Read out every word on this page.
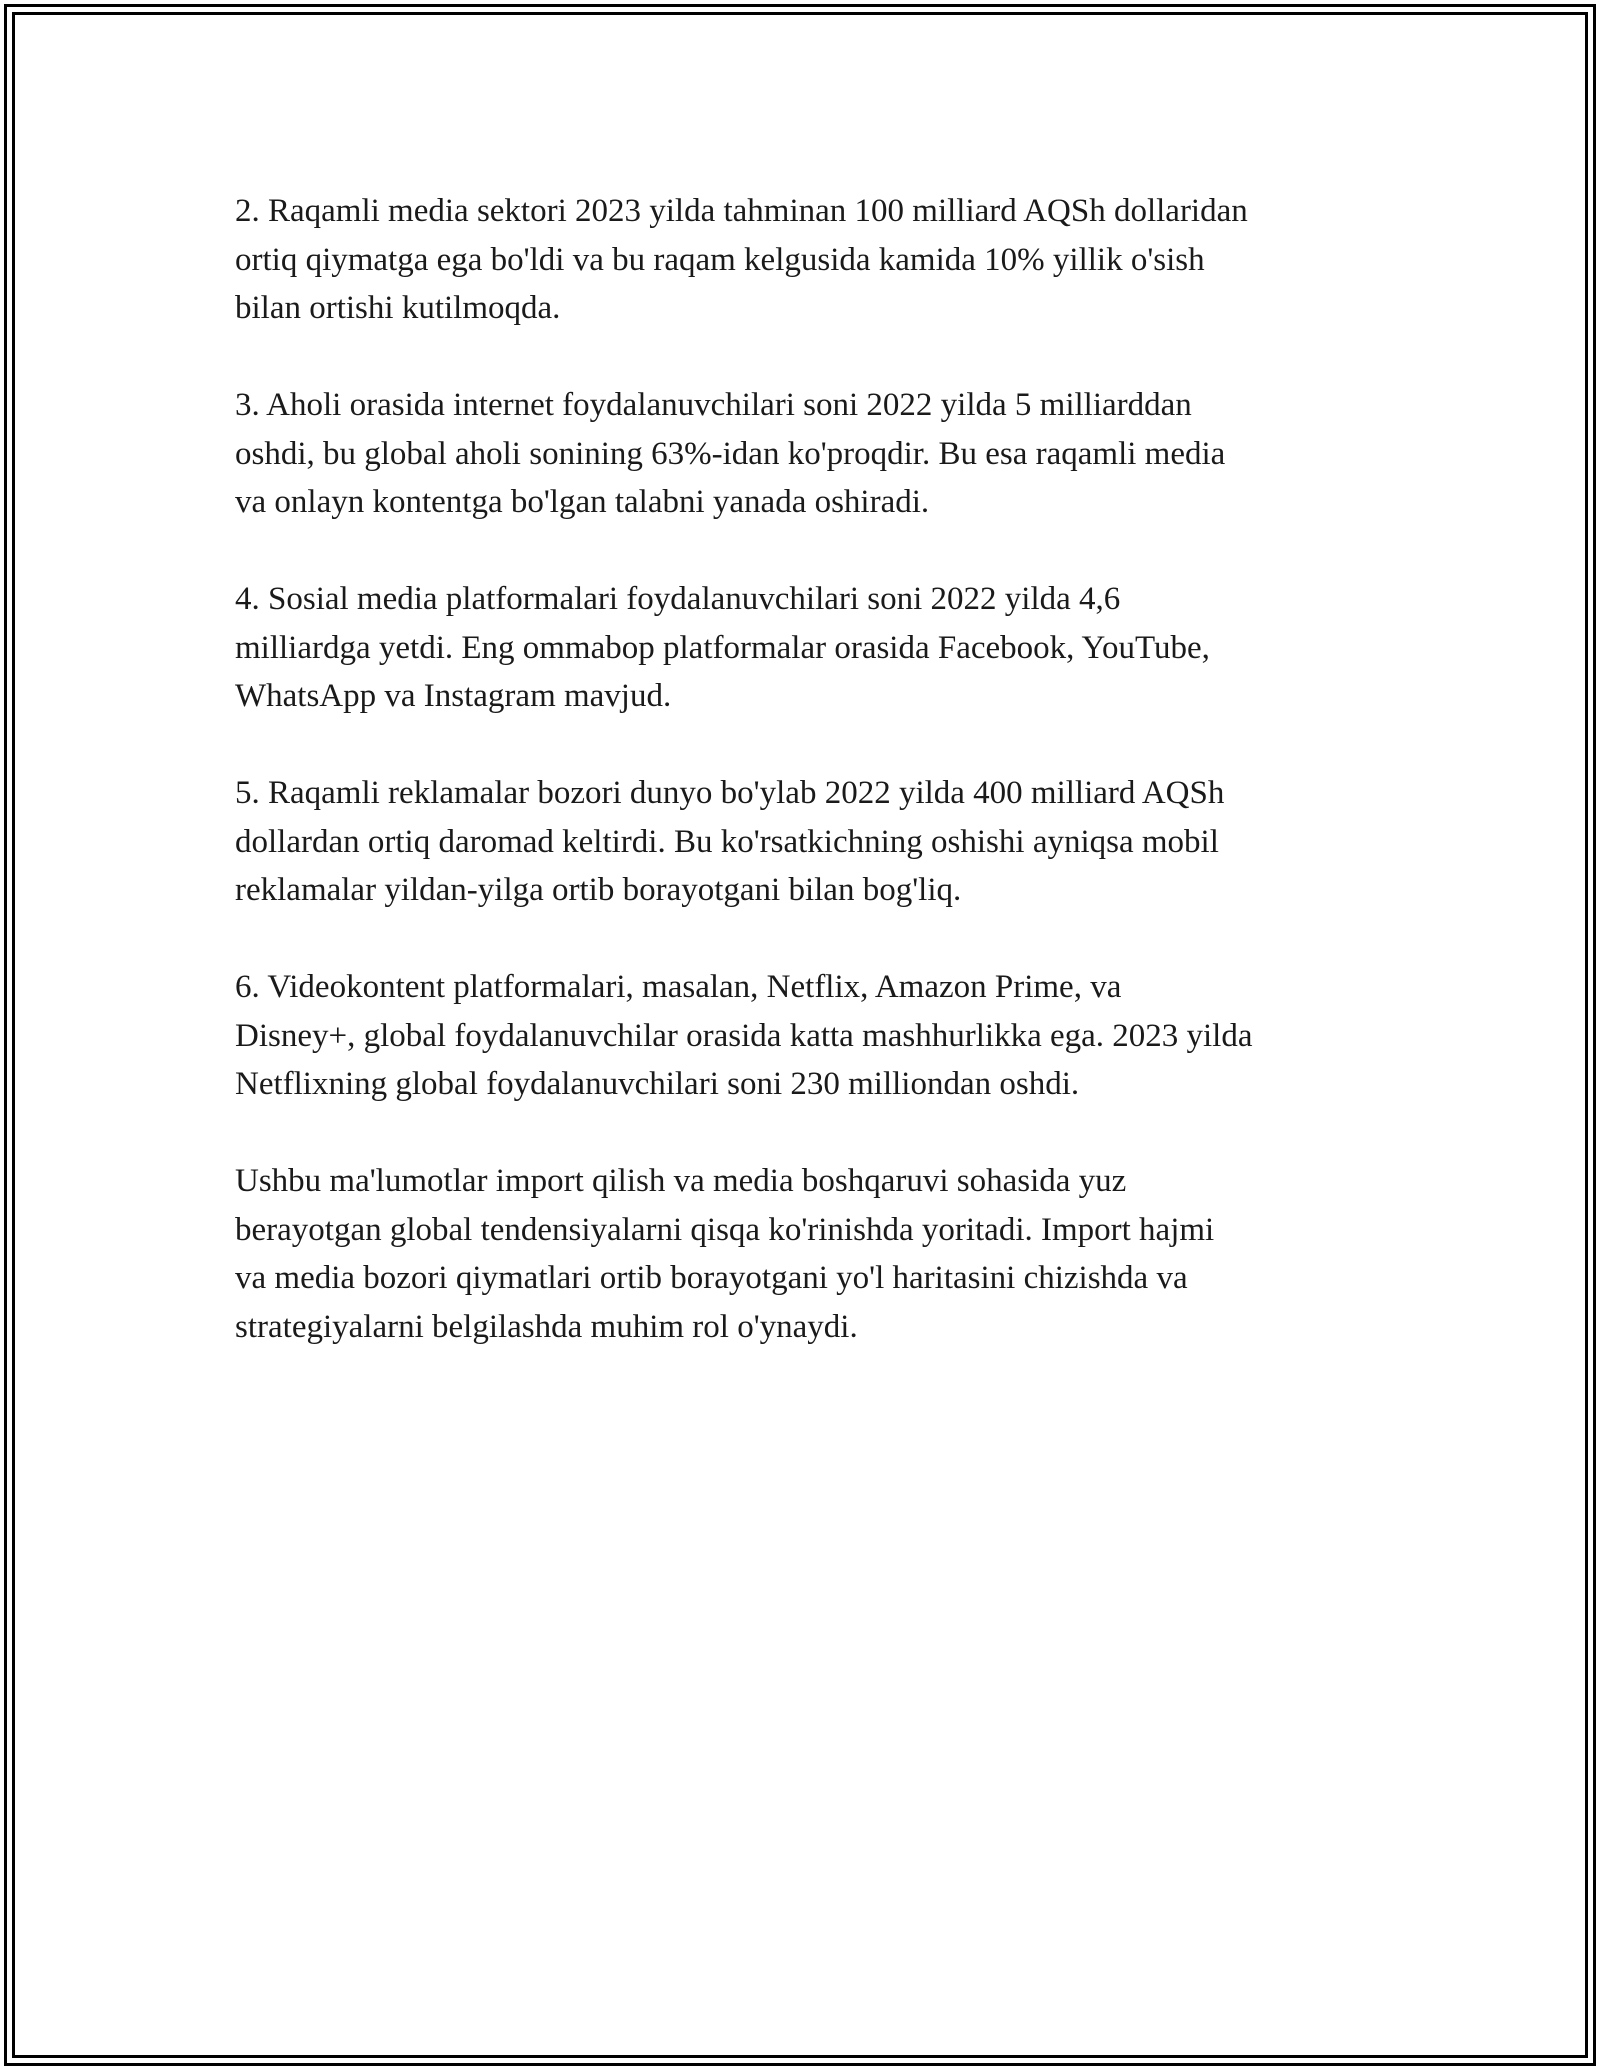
2. Raqamli media sektori 2023 yilda tahminan 100 milliard AQSh dollaridan
ortiq qiymatga ega bo'ldi va bu raqam kelgusida kamida 10% yillik o'sish
bilan ortishi kutilmoqda.

3. Aholi orasida internet foydalanuvchilari soni 2022 yilda 5 milliarddan
oshdi, bu global aholi sonining 63%-idan ko'proqdir. Bu esa raqamli media
va onlayn kontentga bo'lgan talabni yanada oshiradi.

4. Sosial media platformalari foydalanuvchilari soni 2022 yilda 4,6
milliardga yetdi. Eng ommabop platformalar orasida Facebook, YouTube,
WhatsApp va Instagram mavjud.

5. Raqamli reklamalar bozori dunyo bo'ylab 2022 yilda 400 milliard AQSh
dollardan ortiq daromad keltirdi. Bu ko'rsatkichning oshishi ayniqsa mobil
reklamalar yildan-yilga ortib borayotgani bilan bog'liq.

6. Videokontent platformalari, masalan, Netflix, Amazon Prime, va
Disney+, global foydalanuvchilar orasida katta mashhurlikka ega. 2023 yilda
Netflixning global foydalanuvchilari soni 230 milliondan oshdi.

Ushbu ma'lumotlar import qilish va media boshqaruvi sohasida yuz
berayotgan global tendensiyalarni qisqa ko'rinishda yoritadi. Import hajmi
va media bozori qiymatlari ortib borayotgani yo'l haritasini chizishda va
strategiyalarni belgilashda muhim rol o'ynaydi.
